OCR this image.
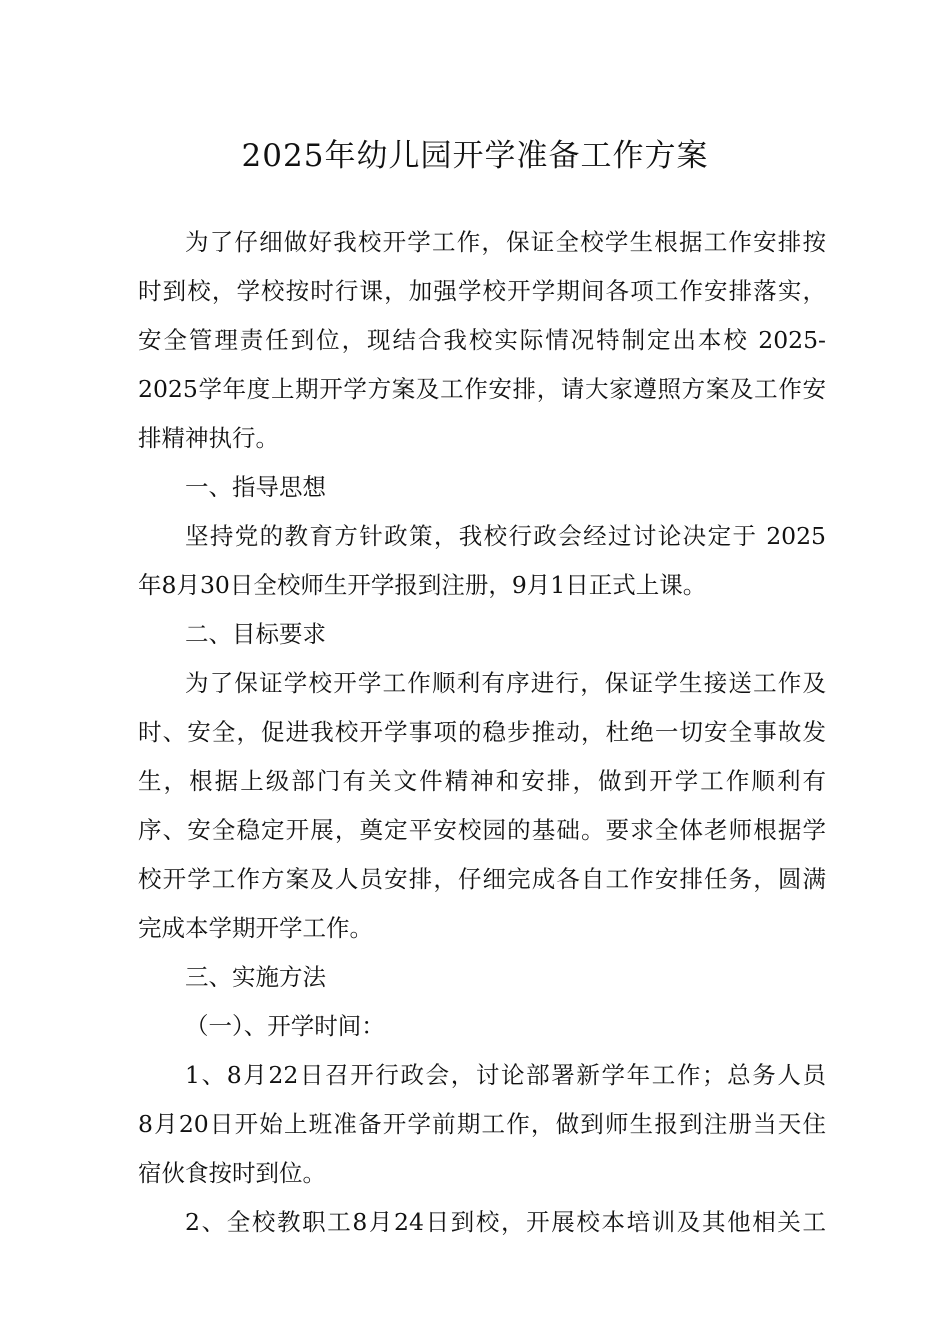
2025年幼儿园开学准备工作方案
为了仔细做好我校开学工作，保证全校学生根据工作安排按
时到校，学校按时行课，加强学校开学期间各项工作安排落实，
安全管理责任到位，现结合我校实际情况特制定出本校 2025-
2025学年度上期开学方案及工作安排，请大家遵照方案及工作安
排精神执行。
一、指导思想
坚持党的教育方针政策，我校行政会经过讨论决定于 2025
年8月30日全校师生开学报到注册，9月1日正式上课。
二、目标要求
为了保证学校开学工作顺利有序进行，保证学生接送工作及
时、安全，促进我校开学事项的稳步推动，杜绝一切安全事故发
生，根据上级部门有关文件精神和安排，做到开学工作顺利有
序、安全稳定开展，奠定平安校园的基础。要求全体老师根据学
校开学工作方案及人员安排，仔细完成各自工作安排任务，圆满
完成本学期开学工作。
三、实施方法
（一）、开学时间：
1、8月22日召开行政会，讨论部署新学年工作；总务人员
8月20日开始上班准备开学前期工作，做到师生报到注册当天住
宿伙食按时到位。
2、全校教职工8月24日到校，开展校本培训及其他相关工
